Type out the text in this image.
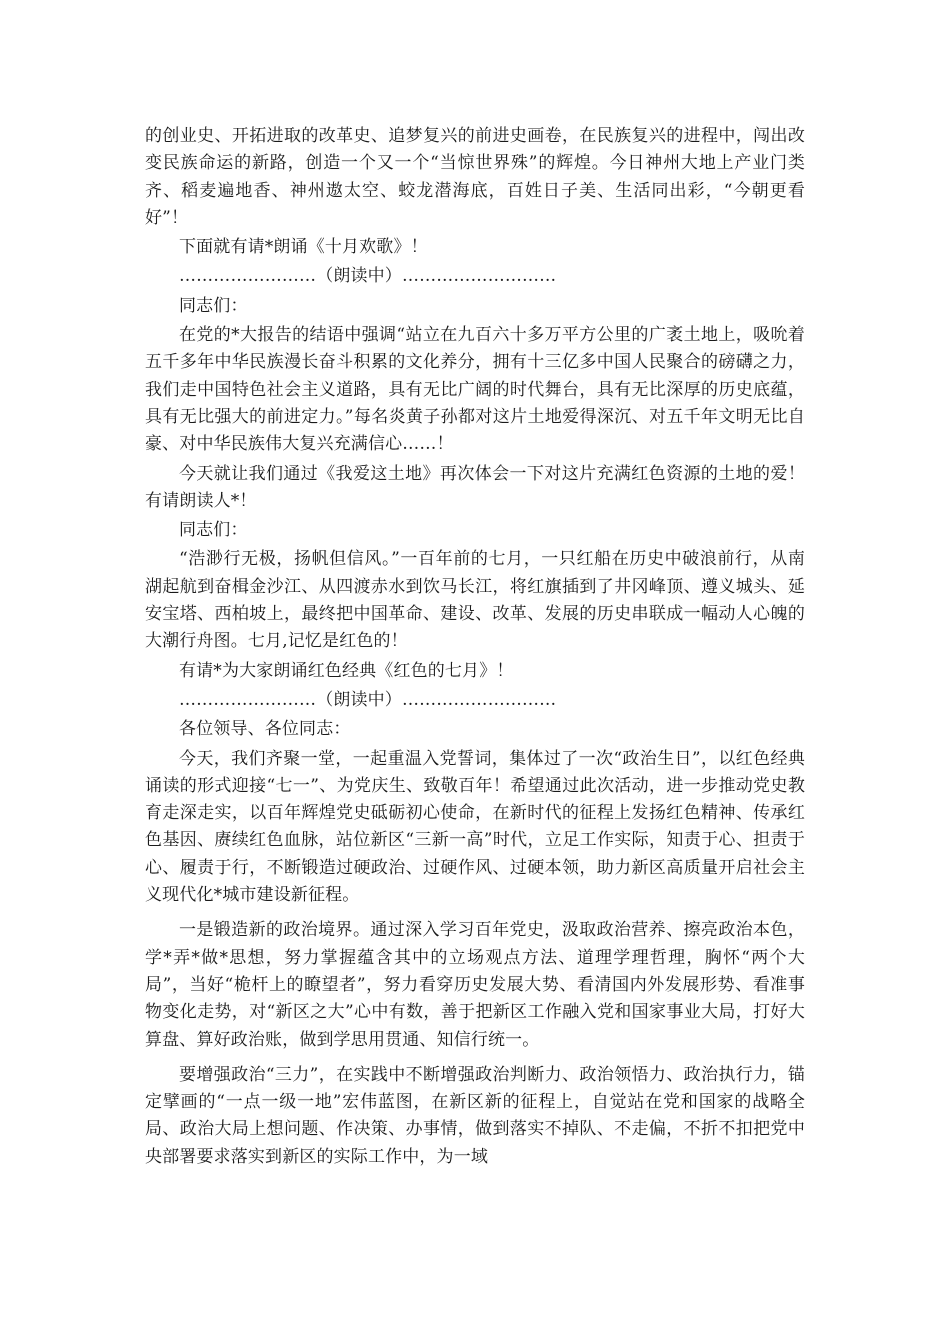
的创业史、开拓进取的改革史、追梦复兴的前进史画卷，在民族复兴的进程中，闯出改变民族命运的新路，创造一个又一个“当惊世界殊”的辉煌。今日神州大地上产业门类齐、稻麦遍地香、神州遨太空、蛟龙潜海底，百姓日子美、生活同出彩，“今朝更看好”！

下面就有请*朗诵《十月欢歌》！

……………………（朗读中）………………………

同志们：

在党的*大报告的结语中强调“站立在九百六十多万平方公里的广袤土地上，吸吮着五千多年中华民族漫长奋斗积累的文化养分，拥有十三亿多中国人民聚合的磅礴之力，我们走中国特色社会主义道路，具有无比广阔的时代舞台，具有无比深厚的历史底蕴，具有无比强大的前进定力。”每名炎黄子孙都对这片土地爱得深沉、对五千年文明无比自豪、对中华民族伟大复兴充满信心……！

今天就让我们通过《我爱这土地》再次体会一下对这片充满红色资源的土地的爱！有请朗读人*！

同志们：

“浩渺行无极，扬帆但信风。”一百年前的七月，一只红船在历史中破浪前行，从南湖起航到奋楫金沙江、从四渡赤水到饮马长江，将红旗插到了井冈峰顶、遵义城头、延安宝塔、西柏坡上，最终把中国革命、建设、改革、发展的历史串联成一幅动人心魄的大潮行舟图。七月,记忆是红色的！

有请*为大家朗诵红色经典《红色的七月》！

……………………（朗读中）………………………

各位领导、各位同志：

今天，我们齐聚一堂，一起重温入党誓词，集体过了一次“政治生日”，以红色经典诵读的形式迎接“七一”、为党庆生、致敬百年！希望通过此次活动，进一步推动党史教育走深走实，以百年辉煌党史砥砺初心使命，在新时代的征程上发扬红色精神、传承红色基因、赓续红色血脉，站位新区“三新一高”时代，立足工作实际，知责于心、担责于心、履责于行，不断锻造过硬政治、过硬作风、过硬本领，助力新区高质量开启社会主义现代化*城市建设新征程。

一是锻造新的政治境界。通过深入学习百年党史，汲取政治营养、擦亮政治本色，学*弄*做*思想，努力掌握蕴含其中的立场观点方法、道理学理哲理，胸怀“两个大局”，当好“桅杆上的瞭望者”，努力看穿历史发展大势、看清国内外发展形势、看准事物变化走势，对“新区之大”心中有数，善于把新区工作融入党和国家事业大局，打好大算盘、算好政治账，做到学思用贯通、知信行统一。

要增强政治“三力”，在实践中不断增强政治判断力、政治领悟力、政治执行力，锚定擘画的“一点一级一地”宏伟蓝图，在新区新的征程上，自觉站在党和国家的战略全局、政治大局上想问题、作决策、办事情，做到落实不掉队、不走偏，不折不扣把党中央部署要求落实到新区的实际工作中，为一域
